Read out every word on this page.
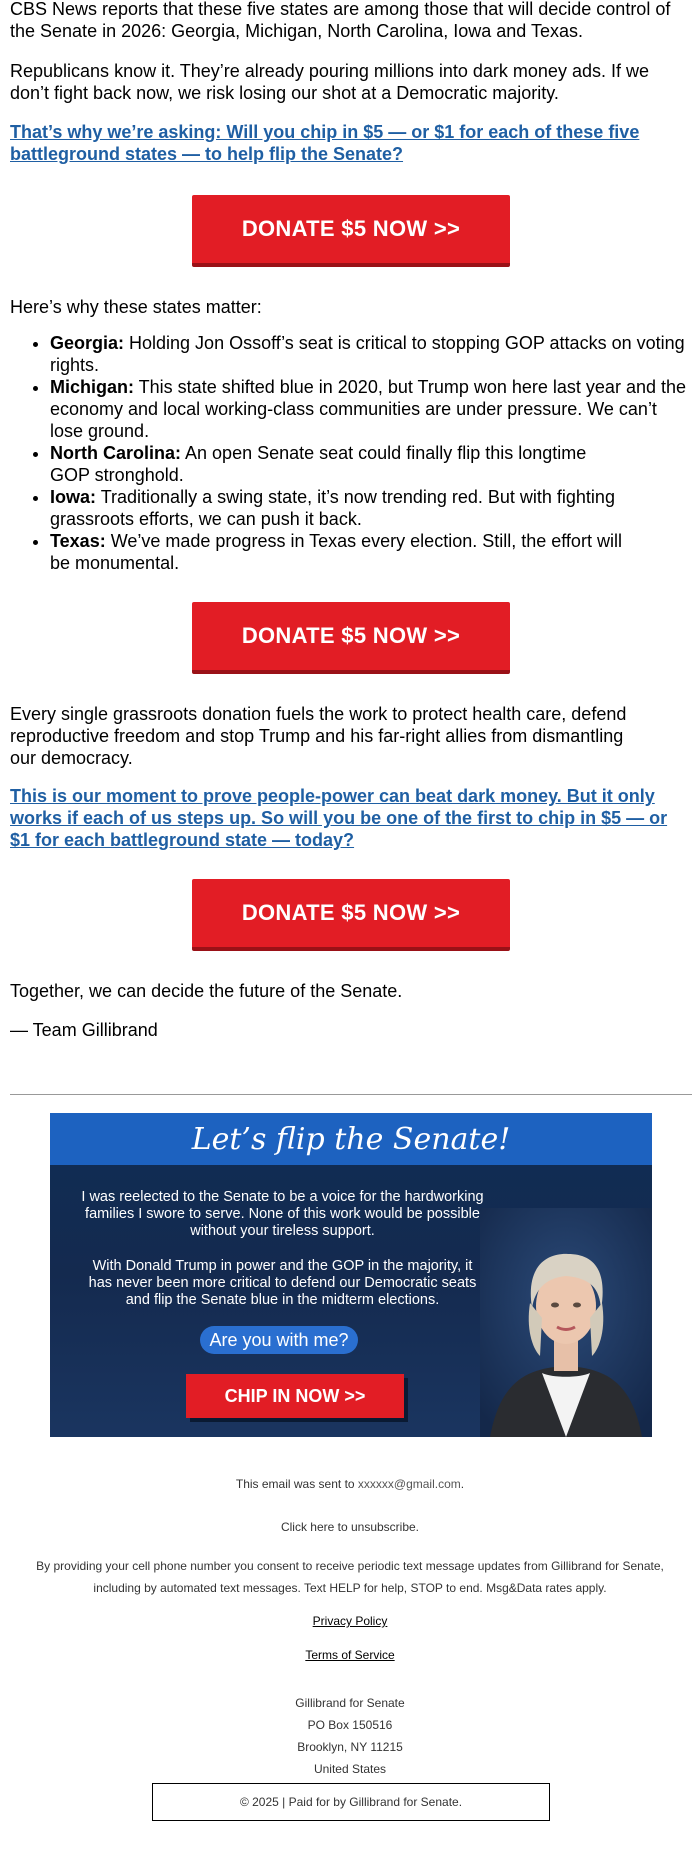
CBS News reports that these five states are among those that will decide control of the Senate in 2026: Georgia, Michigan, North Carolina, Iowa and Texas.

Republicans know it. They’re already pouring millions into dark money ads. If we don’t fight back now, we risk losing our shot at a Democratic majority.

That’s why we’re asking: Will you chip in $5 — or $1 for each of these five battleground states — to help flip the Senate?
DONATE $5 NOW >>

Here’s why these states matter:

• Georgia: Holding Jon Ossoff’s seat is critical to stopping GOP attacks on voting rights.
• Michigan: This state shifted blue in 2020, but Trump won here last year and the economy and local working-class communities are under pressure. We can’t lose ground.
• North Carolina: An open Senate seat could finally flip this longtime GOP stronghold.
• Iowa: Traditionally a swing state, it’s now trending red. But with fighting grassroots efforts, we can push it back.
• Texas: We’ve made progress in Texas every election. Still, the effort will be monumental.
DONATE $5 NOW >>

Every single grassroots donation fuels the work to protect health care, defend reproductive freedom and stop Trump and his far-right allies from dismantling our democracy.

This is our moment to prove people-power can beat dark money. But it only works if each of us steps up. So will you be one of the first to chip in $5 — or $1 for each battleground state — today?
DONATE $5 NOW >>

Together, we can decide the future of the Senate.

— Team Gillibrand

Let’s flip the Senate!
I was reelected to the Senate to be a voice for the hardworking families I swore to serve. None of this work would be possible without your tireless support.
With Donald Trump in power and the GOP in the majority, it has never been more critical to defend our Democratic seats and flip the Senate blue in the midterm elections.
Are you with me?
CHIP IN NOW >>
This email was sent to xxxxxx@gmail.com.
Click here to unsubscribe.
By providing your cell phone number you consent to receive periodic text message updates from Gillibrand for Senate, including by automated text messages. Text HELP for help, STOP to end. Msg&Data rates apply.
Privacy Policy
Terms of Service
Gillibrand for Senate
PO Box 150516
Brooklyn, NY 11215
United States
© 2025 | Paid for by Gillibrand for Senate.
